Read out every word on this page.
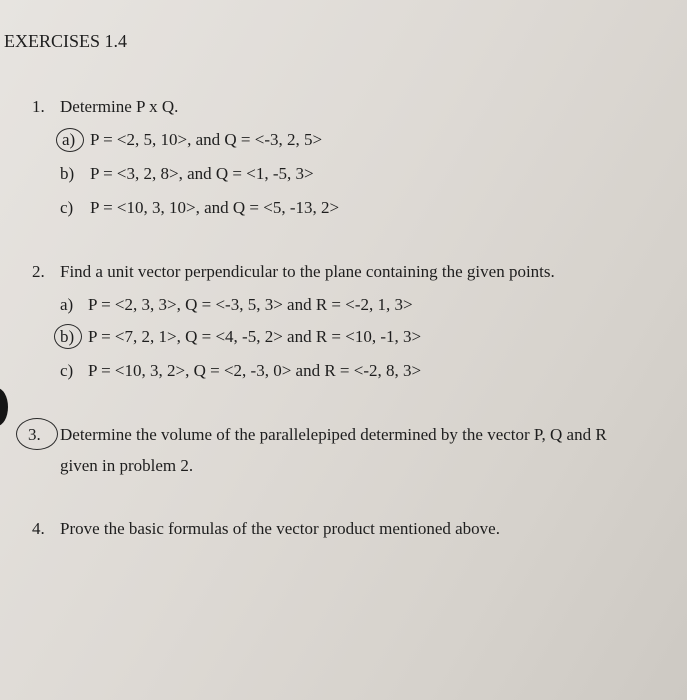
EXERCISES 1.4
1. Determine P x Q.
a) P = <2, 5, 10>, and Q = <-3, 2, 5>
b) P = <3, 2, 8>, and Q = <1, -5, 3>
c) P = <10, 3, 10>, and Q = <5, -13, 2>
2. Find a unit vector perpendicular to the plane containing the given points.
a) P = <2, 3, 3>, Q = <-3, 5, 3> and R = <-2, 1, 3>
b) P = <7, 2, 1>, Q = <4, -5, 2> and R = <10, -1, 3>
c) P = <10, 3, 2>, Q = <2, -3, 0> and R = <-2, 8, 3>
3. Determine the volume of the parallelepiped determined by the vector P, Q and R
given in problem 2.
4. Prove the basic formulas of the vector product mentioned above.
